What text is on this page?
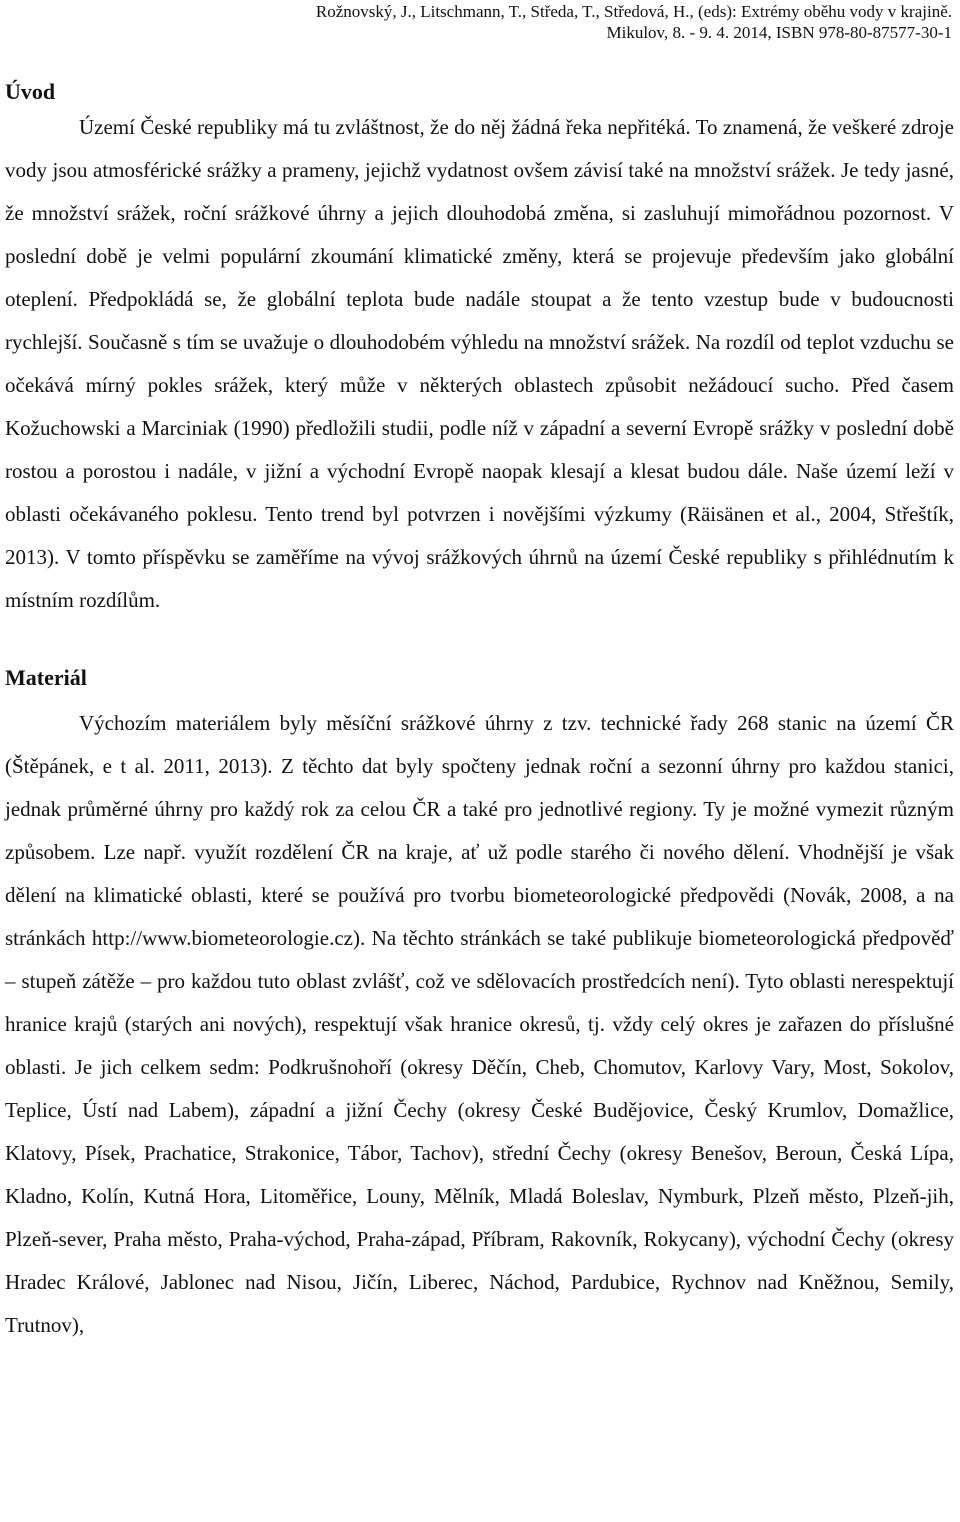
Rožnovský, J., Litschmann, T., Středa, T., Středová, H., (eds): Extrémy oběhu vody v krajině.
Mikulov, 8. - 9. 4. 2014, ISBN 978-80-87577-30-1
Úvod

Území České republiky má tu zvláštnost, že do něj žádná řeka nepřitéká. To znamená, že veškeré zdroje vody jsou atmosférické srážky a prameny, jejichž vydatnost ovšem závisí také na množství srážek. Je tedy jasné, že množství srážek, roční srážkové úhrny a jejich dlouhodobá změna, si zasluhují mimořádnou pozornost. V poslední době je velmi populární zkoumání klimatické změny, která se projevuje především jako globální oteplení. Předpokládá se, že globální teplota bude nadále stoupat a že tento vzestup bude v budoucnosti rychlejší. Současně s tím se uvažuje o dlouhodobém výhledu na množství srážek. Na rozdíl od teplot vzduchu se očekává mírný pokles srážek, který může v některých oblastech způsobit nežádoucí sucho. Před časem Kožuchowski a Marciniak (1990) předložili studii, podle níž v západní a severní Evropě srážky v poslední době rostou a porostou i nadále, v jižní a východní Evropě naopak klesají a klesat budou dále. Naše území leží v oblasti očekávaného poklesu. Tento trend byl potvrzen i novějšími výzkumy (Räisänen et al., 2004, Střeštík, 2013). V tomto příspěvku se zaměříme na vývoj srážkových úhrnů na území České republiky s přihlédnutím k místním rozdílům.

Materiál

Výchozím materiálem byly měsíční srážkové úhrny z tzv. technické řady 268 stanic na území ČR (Štěpánek, e t al. 2011, 2013). Z těchto dat byly spočteny jednak roční a sezonní úhrny pro každou stanici, jednak průměrné úhrny pro každý rok za celou ČR a také pro jednotlivé regiony. Ty je možné vymezit různým způsobem. Lze např. využít rozdělení ČR na kraje, ať už podle starého či nového dělení. Vhodnější je však dělení na klimatické oblasti, které se používá pro tvorbu biometeorologické předpovědi (Novák, 2008, a na stránkách http://www.biometeorologie.cz). Na těchto stránkách se také publikuje biometeorologická předpověď – stupeň zátěže – pro každou tuto oblast zvlášť, což ve sdělovacích prostředcích není). Tyto oblasti nerespektují hranice krajů (starých ani nových), respektují však hranice okresů, tj. vždy celý okres je zařazen do příslušné oblasti. Je jich celkem sedm: Podkrušnohoří (okresy Děčín, Cheb, Chomutov, Karlovy Vary, Most, Sokolov, Teplice, Ústí nad Labem), západní a jižní Čechy (okresy České Budějovice, Český Krumlov, Domažlice, Klatovy, Písek, Prachatice, Strakonice, Tábor, Tachov), střední Čechy (okresy Benešov, Beroun, Česká Lípa, Kladno, Kolín, Kutná Hora, Litoměřice, Louny, Mělník, Mladá Boleslav, Nymburk, Plzeň město, Plzeň-jih, Plzeň-sever, Praha město, Praha-východ, Praha-západ, Příbram, Rakovník, Rokycany), východní Čechy (okresy Hradec Králové, Jablonec nad Nisou, Jičín, Liberec, Náchod, Pardubice, Rychnov nad Kněžnou, Semily, Trutnov),
